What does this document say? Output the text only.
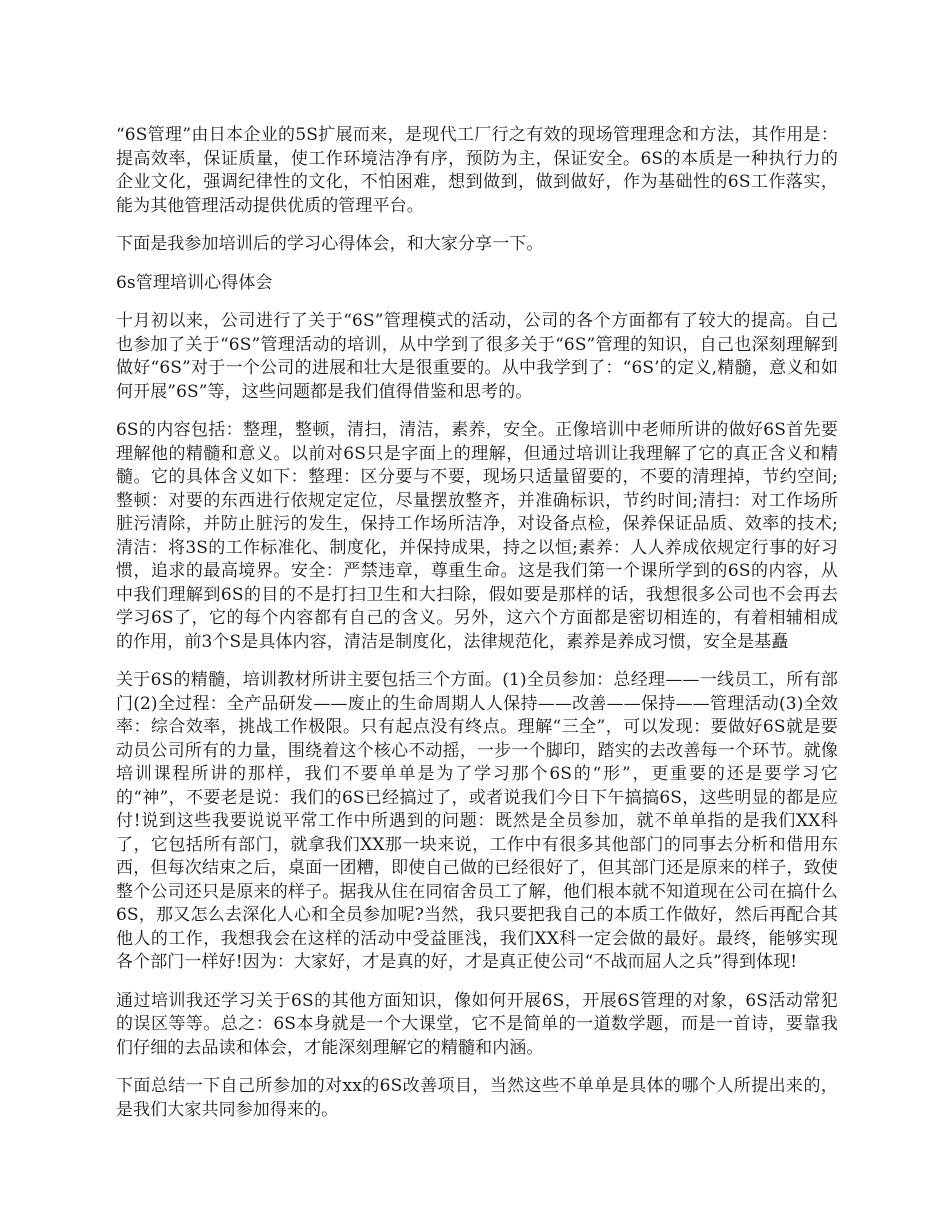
“6S管理”由日本企业的5S扩展而来，是现代工厂行之有效的现场管理理念和方法，其作用是：提高效率，保证质量，使工作环境洁净有序，预防为主，保证安全。6S的本质是一种执行力的企业文化，强调纪律性的文化，不怕困难，想到做到，做到做好，作为基础性的6S工作落实，能为其他管理活动提供优质的管理平台。

下面是我参加培训后的学习心得体会，和大家分享一下。

6s管理培训心得体会

十月初以来，公司进行了关于“6S”管理模式的活动，公司的各个方面都有了较大的提高。自己也参加了关于“6S”管理活动的培训，从中学到了很多关于“6S”管理的知识，自己也深刻理解到做好“6S”对于一个公司的进展和壮大是很重要的。从中我学到了：“6S’的定义,精髓，意义和如何开展”6S”等，这些问题都是我们值得借鉴和思考的。

6S的内容包括：整理，整顿，清扫，清洁，素养，安全。正像培训中老师所讲的做好6S首先要理解他的精髓和意义。以前对6S只是字面上的理解，但通过培训让我理解了它的真正含义和精髓。它的具体含义如下：整理：区分要与不要，现场只适量留要的，不要的清理掉，节约空间;整顿：对要的东西进行依规定定位，尽量摆放整齐，并准确标识，节约时间;清扫：对工作场所脏污清除，并防止脏污的发生，保持工作场所洁净，对设备点检，保养保证品质、效率的技术;清洁：将3S的工作标准化、制度化，并保持成果，持之以恒;素养：人人养成依规定行事的好习惯，追求的最高境界。安全：严禁违章，尊重生命。这是我们第一个课所学到的6S的内容，从中我们理解到6S的目的不是打扫卫生和大扫除，假如要是那样的话，我想很多公司也不会再去学习6S了，它的每个内容都有自己的含义。另外，这六个方面都是密切相连的，有着相辅相成的作用，前3个S是具体内容，清洁是制度化，法律规范化，素养是养成习惯，安全是基矗

关于6S的精髓，培训教材所讲主要包括三个方面。(1)全员参加：总经理——一线员工，所有部门(2)全过程：全产品研发——废止的生命周期人人保持——改善——保持——管理活动(3)全效率：综合效率，挑战工作极限。只有起点没有终点。理解“三全”，可以发现：要做好6S就是要动员公司所有的力量，围绕着这个核心不动摇，一步一个脚印，踏实的去改善每一个环节。就像培训课程所讲的那样，我们不要单单是为了学习那个6S的“形”，更重要的还是要学习它的“神”，不要老是说：我们的6S已经搞过了，或者说我们今日下午搞搞6S，这些明显的都是应付!说到这些我要说说平常工作中所遇到的问题：既然是全员参加，就不单单指的是我们XX科了，它包括所有部门，就拿我们XX那一块来说，工作中有很多其他部门的同事去分析和借用东西，但每次结束之后，桌面一团糟，即使自己做的已经很好了，但其部门还是原来的样子，致使整个公司还只是原来的样子。据我从住在同宿舍员工了解，他们根本就不知道现在公司在搞什么6S，那又怎么去深化人心和全员参加呢?当然，我只要把我自己的本质工作做好，然后再配合其他人的工作，我想我会在这样的活动中受益匪浅，我们XX科一定会做的最好。最终，能够实现各个部门一样好!因为：大家好，才是真的好，才是真正使公司“不战而屈人之兵”得到体现!

通过培训我还学习关于6S的其他方面知识，像如何开展6S，开展6S管理的对象，6S活动常犯的误区等等。总之：6S本身就是一个大课堂，它不是简单的一道数学题，而是一首诗，要靠我们仔细的去品读和体会，才能深刻理解它的精髓和内涵。

下面总结一下自己所参加的对xx的6S改善项目，当然这些不单单是具体的哪个人所提出来的，是我们大家共同参加得来的。
